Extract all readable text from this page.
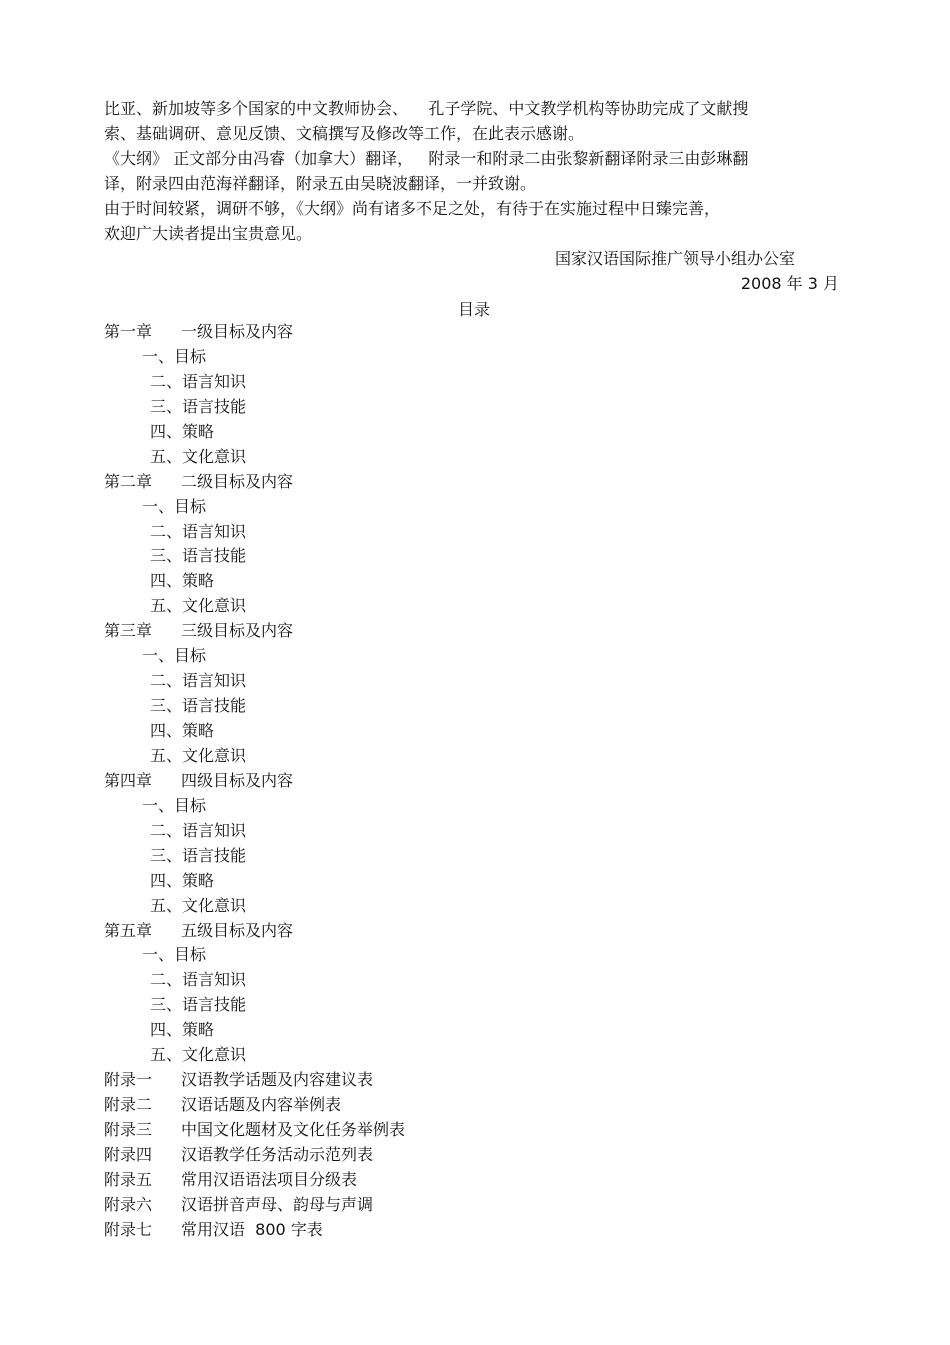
比亚、新加坡等多个国家的中文教师协会、    孔子学院、中文教学机构等协助完成了文献搜

索、基础调研、意见反馈、文稿撰写及修改等工作，在此表示感谢。

《大纲》 正文部分由冯睿（加拿大）翻译，   附录一和附录二由张黎新翻译附录三由彭琳翻

译，附录四由范海祥翻译，附录五由吴晓波翻译，一并致谢。

由于时间较紧，调研不够，《大纲》尚有诸多不足之处，有待于在实施过程中日臻完善，

欢迎广大读者提出宝贵意见。

国家汉语国际推广领导小组办公室
2008 年 3 月
目录
第一章 一级目标及内容
一、目标
二、语言知识
三、语言技能
四、策略
五、文化意识
第二章 二级目标及内容
一、目标
二、语言知识
三、语言技能
四、策略
五、文化意识
第三章 三级目标及内容
一、目标
二、语言知识
三、语言技能
四、策略
五、文化意识
第四章 四级目标及内容
一、目标
二、语言知识
三、语言技能
四、策略
五、文化意识
第五章 五级目标及内容
一、目标
二、语言知识
三、语言技能
四、策略
五、文化意识
附录一 汉语教学话题及内容建议表
附录二 汉语话题及内容举例表
附录三 中国文化题材及文化任务举例表
附录四 汉语教学任务活动示范列表
附录五 常用汉语语法项目分级表
附录六 汉语拼音声母、韵母与声调
附录七 常用汉语  800 字表
